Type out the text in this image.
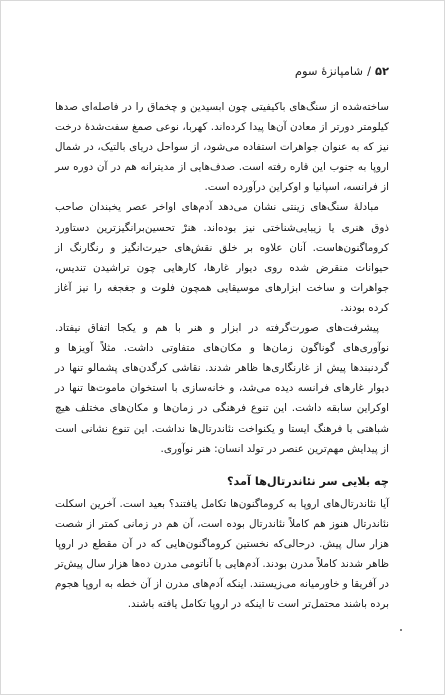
۵۲/شامپانزهٔ سوم

ساخته‌شده از سنگ‌های باکیفیتی چون ابسیدین و چخماق را در فاصله‌ای صدها کیلومتر دورتر از معادن آن‌ها پیدا کرده‌اند. کهربا، نوعی صمغ سفت‌شدهٔ درخت نیز که به عنوان جواهرات استفاده می‌شود، از سواحل دریای بالتیک، در شمال اروپا به جنوب این قاره رفته است. صدف‌هایی از مدیترانه هم در آن دوره سر از فرانسه، اسپانیا و اوکراین درآورده است.

مبادلهٔ سنگ‌های زینتی نشان می‌دهد آدم‌های اواخر عصر یخبندان صاحب ذوق هنری یا زیبایی‌شناختی نیز بوده‌اند. هنرْ تحسین‌برانگیزترین دستاورد کروماگنون‌هاست. آنان علاوه بر خلق نقش‌های حیرت‌انگیز و رنگارنگ از حیوانات منقرض شده روی دیوار غارها، کارهایی چون تراشیدن تندیس، جواهرات و ساخت ابزارهای موسیقایی همچون فلوت و جغجغه را نیز آغاز کرده بودند.

پیشرفت‌های صورت‌گرفته در ابزار و هنر با هم و یکجا اتفاق نیفتاد. نوآوری‌های گوناگون زمان‌ها و مکان‌های متفاوتی داشت. مثلاً آویزها و گردنبندها پیش از غارنگاری‌ها ظاهر شدند. نقاشی کرگدن‌های پشمالو تنها در دیوار غارهای فرانسه دیده می‌شد، و خانه‌سازی با استخوان ماموت‌ها تنها در اوکراین سابقه داشت. این تنوع فرهنگی در زمان‌ها و مکان‌های مختلف هیچ شباهتی با فرهنگ ایستا و یکنواخت نئاندرتال‌ها نداشت. این تنوع نشانی است از پیدایش مهم‌ترین عنصر در تولد انسان: هنر نوآوری.

چه بلایی سر نئاندرتال‌ها آمد؟

آیا نئاندرتال‌های اروپا به کروماگنون‌ها تکامل یافتند؟ بعید است. آخرین اسکلت نئاندرتال هنوز هم کاملاً نئاندرتال بوده است، آن هم در زمانی کمتر از شصت هزار سال پیش. درحالی‌که نخستین کروماگنون‌هایی که در آن مقطع در اروپا ظاهر شدند کاملاً مدرن بودند. آدم‌هایی با آناتومی مدرن ده‌ها هزار سال پیش‌تر در آفریقا و خاورمیانه می‌زیستند. اینکه آدم‌های مدرن از آن خطه به اروپا هجوم برده باشند محتمل‌تر است تا اینکه در اروپا تکامل یافته باشند.
